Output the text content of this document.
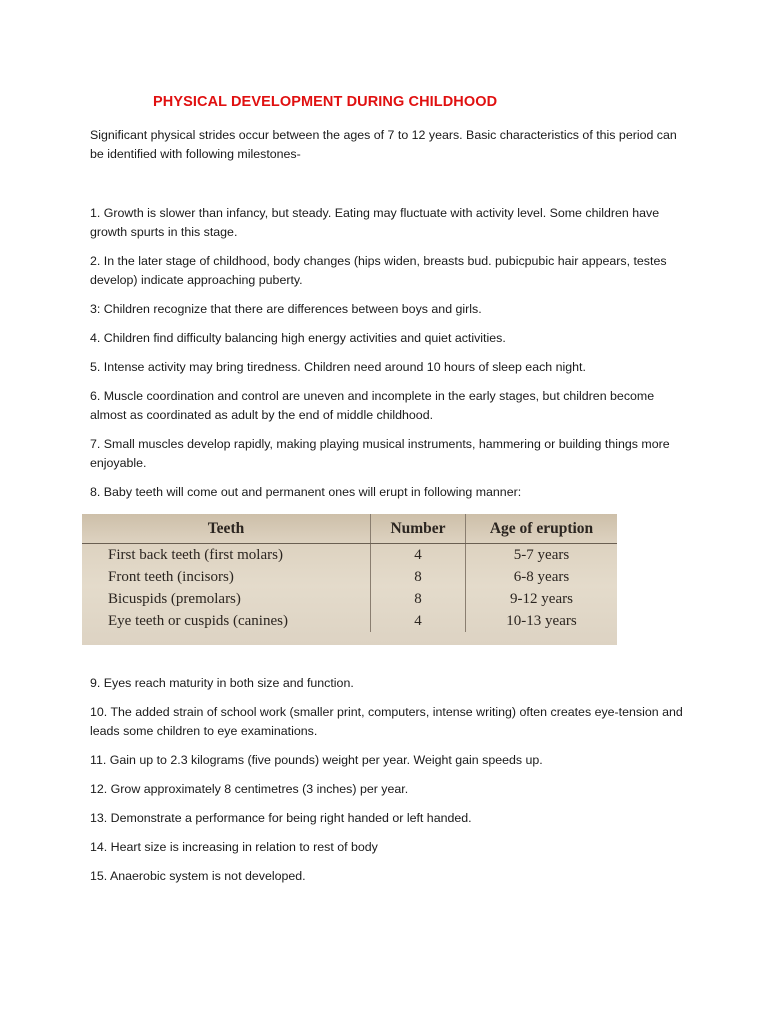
PHYSICAL DEVELOPMENT DURING CHILDHOOD
Significant physical strides occur between the ages of 7 to 12 years. Basic characteristics of this period can be identified with following milestones-
1. Growth is slower than infancy, but steady. Eating may fluctuate with activity level. Some children have growth spurts in this stage.
2. In the later stage of childhood, body changes (hips widen, breasts bud. pubicpubic hair appears, testes develop) indicate approaching puberty.
3: Children recognize that there are differences between boys and girls.
4. Children find difficulty balancing high energy activities and quiet activities.
5. Intense activity may bring tiredness. Children need around 10 hours of sleep each night.
6. Muscle coordination and control are uneven and incomplete in the early stages, but children become almost as coordinated as adult by the end of middle childhood.
7. Small muscles develop rapidly, making playing musical instruments, hammering or building things more enjoyable.
8. Baby teeth will come out and permanent ones will erupt in following manner:
Teeth	Number	Age of eruption
First back teeth (first molars)	4	5-7 years
Front teeth (incisors)	8	6-8 years
Bicuspids (premolars)	8	9-12 years
Eye teeth or cuspids (canines)	4	10-13 years
9. Eyes reach maturity in both size and function.
10. The added strain of school work (smaller print, computers, intense writing) often creates eye-tension and leads some children to eye examinations.
11. Gain up to 2.3 kilograms (five pounds) weight per year. Weight gain speeds up.
12. Grow approximately 8 centimetres (3 inches) per year.
13. Demonstrate a performance for being right handed or left handed.
14. Heart size is increasing in relation to rest of body
15. Anaerobic system is not developed.
